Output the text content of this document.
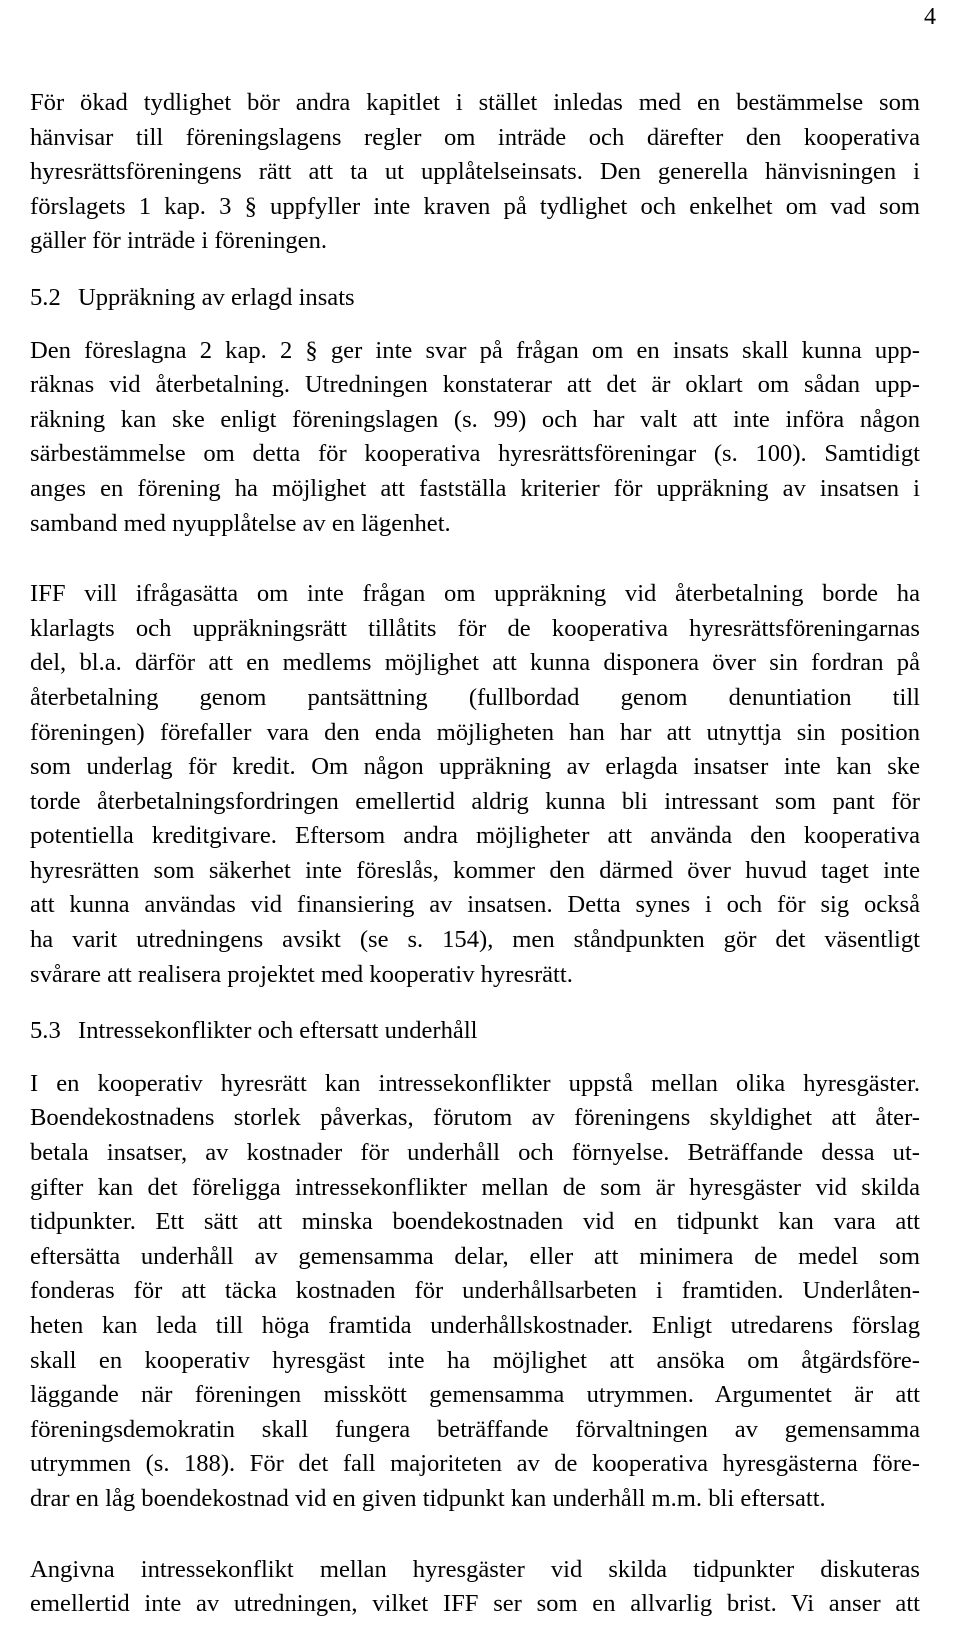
4

För ökad tydlighet bör andra kapitlet i stället inledas med en bestämmelse som
hänvisar till föreningslagens regler om inträde och därefter den kooperativa
hyresrättsföreningens rätt att ta ut upplåtelseinsats. Den generella hänvisningen i
förslagets 1 kap. 3 § uppfyller inte kraven på tydlighet och enkelhet om vad som
gäller för inträde i föreningen.

5.2 Uppräkning av erlagd insats

Den föreslagna 2 kap. 2 § ger inte svar på frågan om en insats skall kunna upp-
räknas vid återbetalning. Utredningen konstaterar att det är oklart om sådan upp-
räkning kan ske enligt föreningslagen (s. 99) och har valt att inte införa någon
särbestämmelse om detta för kooperativa hyresrättsföreningar (s. 100). Samtidigt
anges en förening ha möjlighet att fastställa kriterier för uppräkning av insatsen i
samband med nyupplåtelse av en lägenhet.

IFF vill ifrågasätta om inte frågan om uppräkning vid återbetalning borde ha
klarlagts och uppräkningsrätt tillåtits för de kooperativa hyresrättsföreningarnas
del, bl.a. därför att en medlems möjlighet att kunna disponera över sin fordran på
återbetalning genom pantsättning (fullbordad genom denuntiation till
föreningen) förefaller vara den enda möjligheten han har att utnyttja sin position
som underlag för kredit. Om någon uppräkning av erlagda insatser inte kan ske
torde återbetalningsfordringen emellertid aldrig kunna bli intressant som pant för
potentiella kreditgivare. Eftersom andra möjligheter att använda den kooperativa
hyresrätten som säkerhet inte föreslås, kommer den därmed över huvud taget inte
att kunna användas vid finansiering av insatsen. Detta synes i och för sig också
ha varit utredningens avsikt (se s. 154), men ståndpunkten gör det väsentligt
svårare att realisera projektet med kooperativ hyresrätt.

5.3 Intressekonflikter och eftersatt underhåll

I en kooperativ hyresrätt kan intressekonflikter uppstå mellan olika hyresgäster.
Boendekostnadens storlek påverkas, förutom av föreningens skyldighet att åter-
betala insatser, av kostnader för underhåll och förnyelse. Beträffande dessa ut-
gifter kan det föreligga intressekonflikter mellan de som är hyresgäster vid skilda
tidpunkter. Ett sätt att minska boendekostnaden vid en tidpunkt kan vara att
eftersätta underhåll av gemensamma delar, eller att minimera de medel som
fonderas för att täcka kostnaden för underhållsarbeten i framtiden. Underlåten-
heten kan leda till höga framtida underhållskostnader. Enligt utredarens förslag
skall en kooperativ hyresgäst inte ha möjlighet att ansöka om åtgärdsföre-
läggande när föreningen misskött gemensamma utrymmen. Argumentet är att
föreningsdemokratin skall fungera beträffande förvaltningen av gemensamma
utrymmen (s. 188). För det fall majoriteten av de kooperativa hyresgästerna före-
drar en låg boendekostnad vid en given tidpunkt kan underhåll m.m. bli eftersatt.

Angivna intressekonflikt mellan hyresgäster vid skilda tidpunkter diskuteras
emellertid inte av utredningen, vilket IFF ser som en allvarlig brist. Vi anser att
